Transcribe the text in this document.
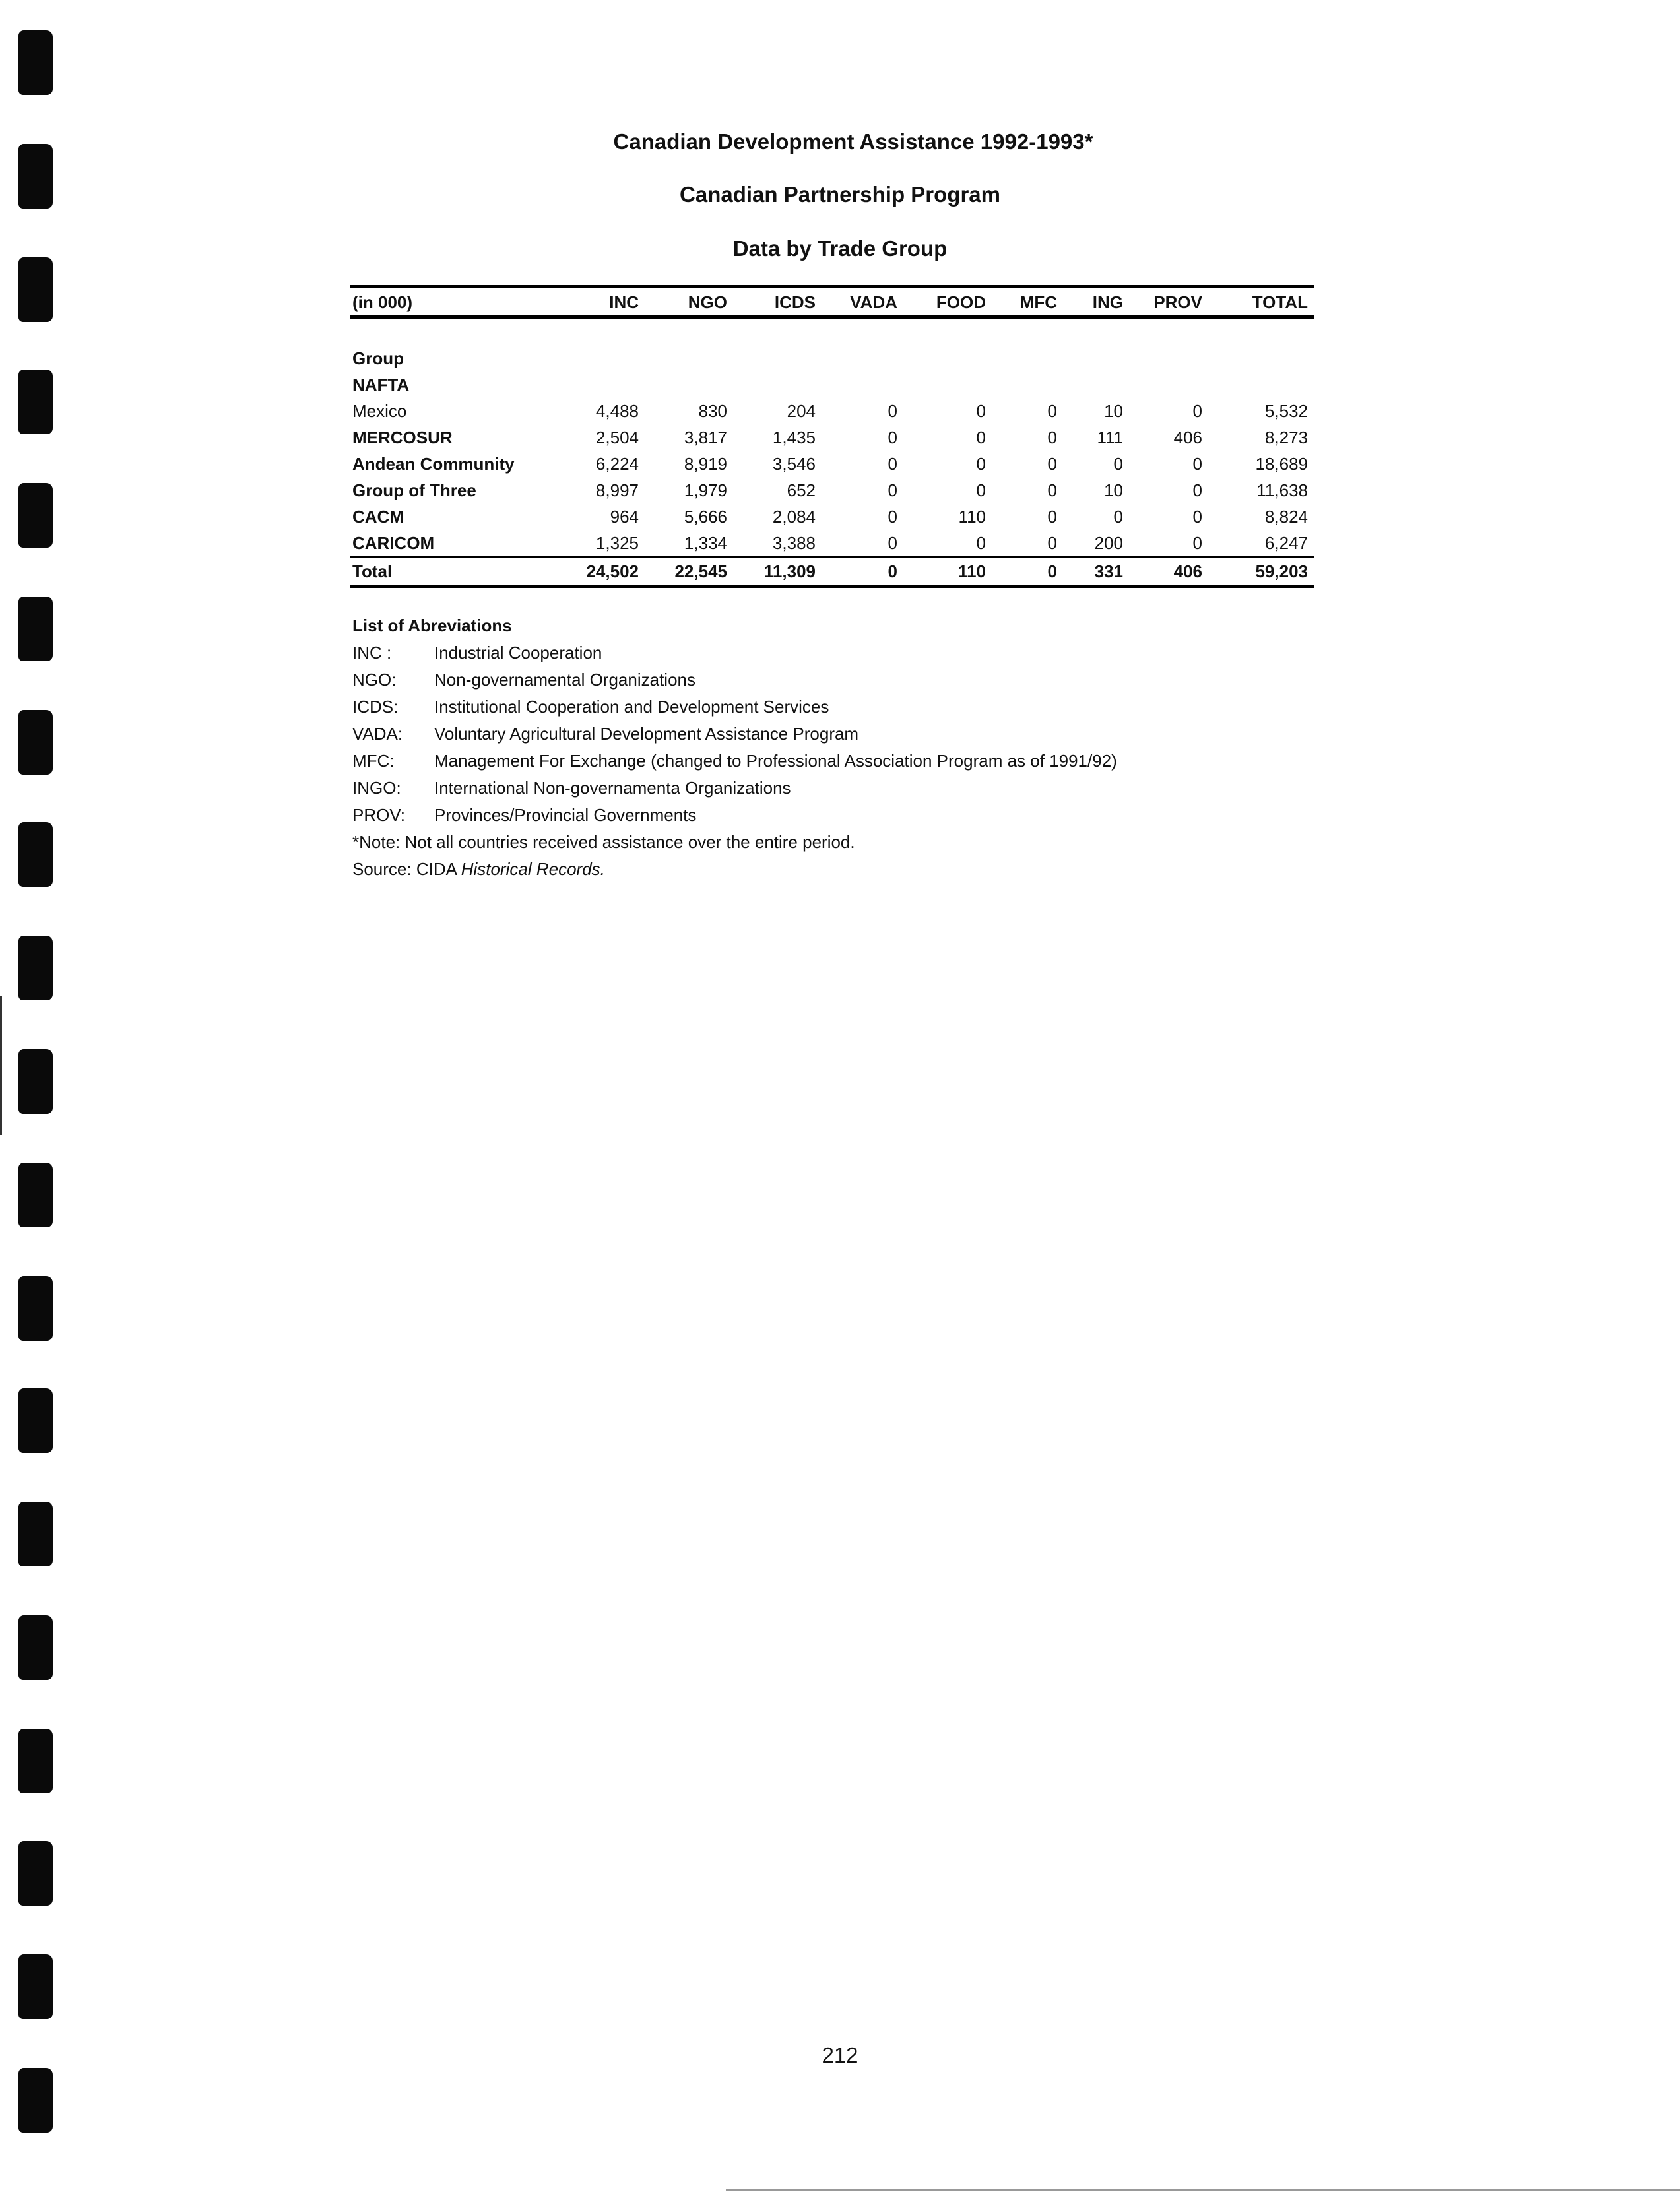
Canadian Development Assistance 1992-1993*
Canadian Partnership Program
Data by Trade Group
(in 000)	INC	NGO	ICDS	VADA	FOOD	MFC	ING	PROV	TOTAL

Group									
NAFTA									
Mexico	4,488	830	204	0	0	0	10	0	5,532
MERCOSUR	2,504	3,817	1,435	0	0	0	111	406	8,273
Andean Community	6,224	8,919	3,546	0	0	0	0	0	18,689
Group of Three	8,997	1,979	652	0	0	0	10	0	11,638
CACM	964	5,666	2,084	0	110	0	0	0	8,824
CARICOM	1,325	1,334	3,388	0	0	0	200	0	6,247
Total	24,502	22,545	11,309	0	110	0	331	406	59,203
List of Abreviations
INC : Industrial Cooperation
NGO: Non-governamental Organizations
ICDS: Institutional Cooperation and Development Services
VADA: Voluntary Agricultural Development Assistance Program
MFC: Management For Exchange (changed to Professional Association Program as of 1991/92)
INGO: International Non-governamenta Organizations
PROV: Provinces/Provincial Governments
*Note: Not all countries received assistance over the entire period.
Source: CIDA Historical Records.
212
